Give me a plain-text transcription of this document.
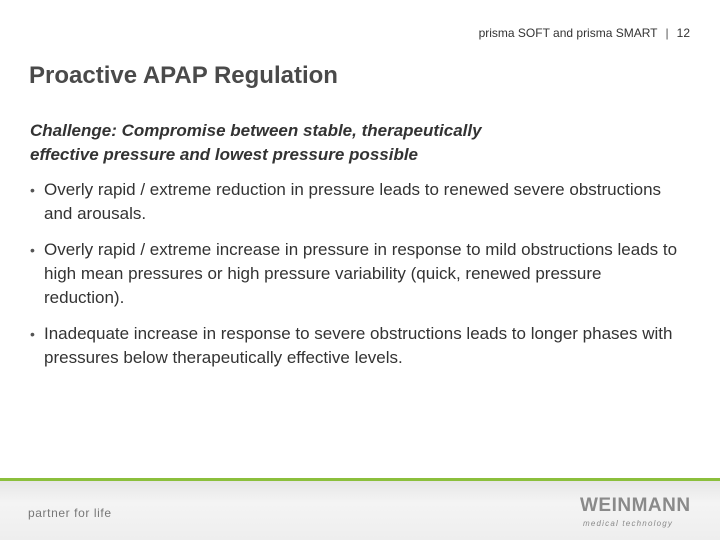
prisma SOFT and prisma SMART | 12
Proactive APAP Regulation
Challenge: Compromise between stable, therapeutically
effective pressure and lowest pressure possible
• Overly rapid / extreme reduction in pressure leads to renewed severe obstructions and arousals.
• Overly rapid / extreme increase in pressure in response to mild obstructions leads to high mean pressures or high pressure variability (quick, renewed pressure reduction).
• Inadequate increase in response to severe obstructions leads to longer phases with pressures below therapeutically effective levels.
partner for life	WEINMANN
medical technology
